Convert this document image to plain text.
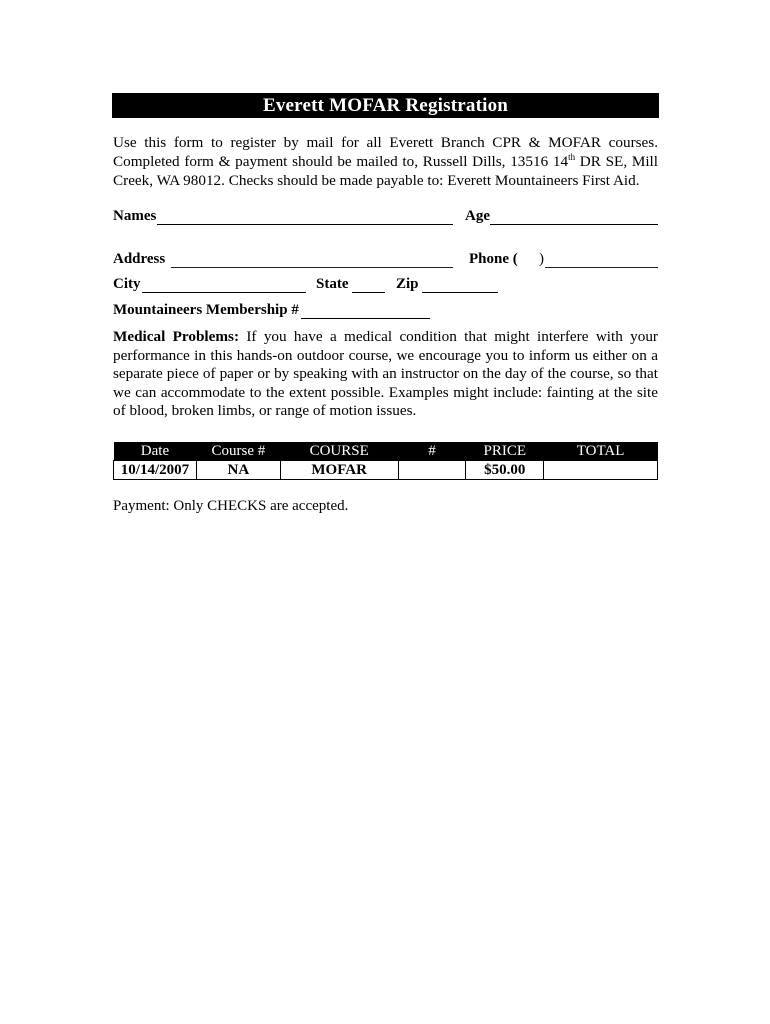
Everett MOFAR Registration
Use this form to register by mail for all Everett Branch CPR & MOFAR courses. Completed form & payment should be mailed to, Russell Dills, 13516 14th DR SE, Mill Creek, WA 98012. Checks should be made payable to: Everett Mountaineers First Aid.
Names	Age
Address	Phone ( )
City	State	Zip
Mountaineers Membership #
Medical Problems: If you have a medical condition that might interfere with your performance in this hands-on outdoor course, we encourage you to inform us either on a separate piece of paper or by speaking with an instructor on the day of the course, so that we can accommodate to the extent possible. Examples might include: fainting at the site of blood, broken limbs, or range of motion issues.
Date	Course #	COURSE	#	PRICE	TOTAL
10/14/2007	NA	MOFAR		$50.00	
Payment: Only CHECKS are accepted.
